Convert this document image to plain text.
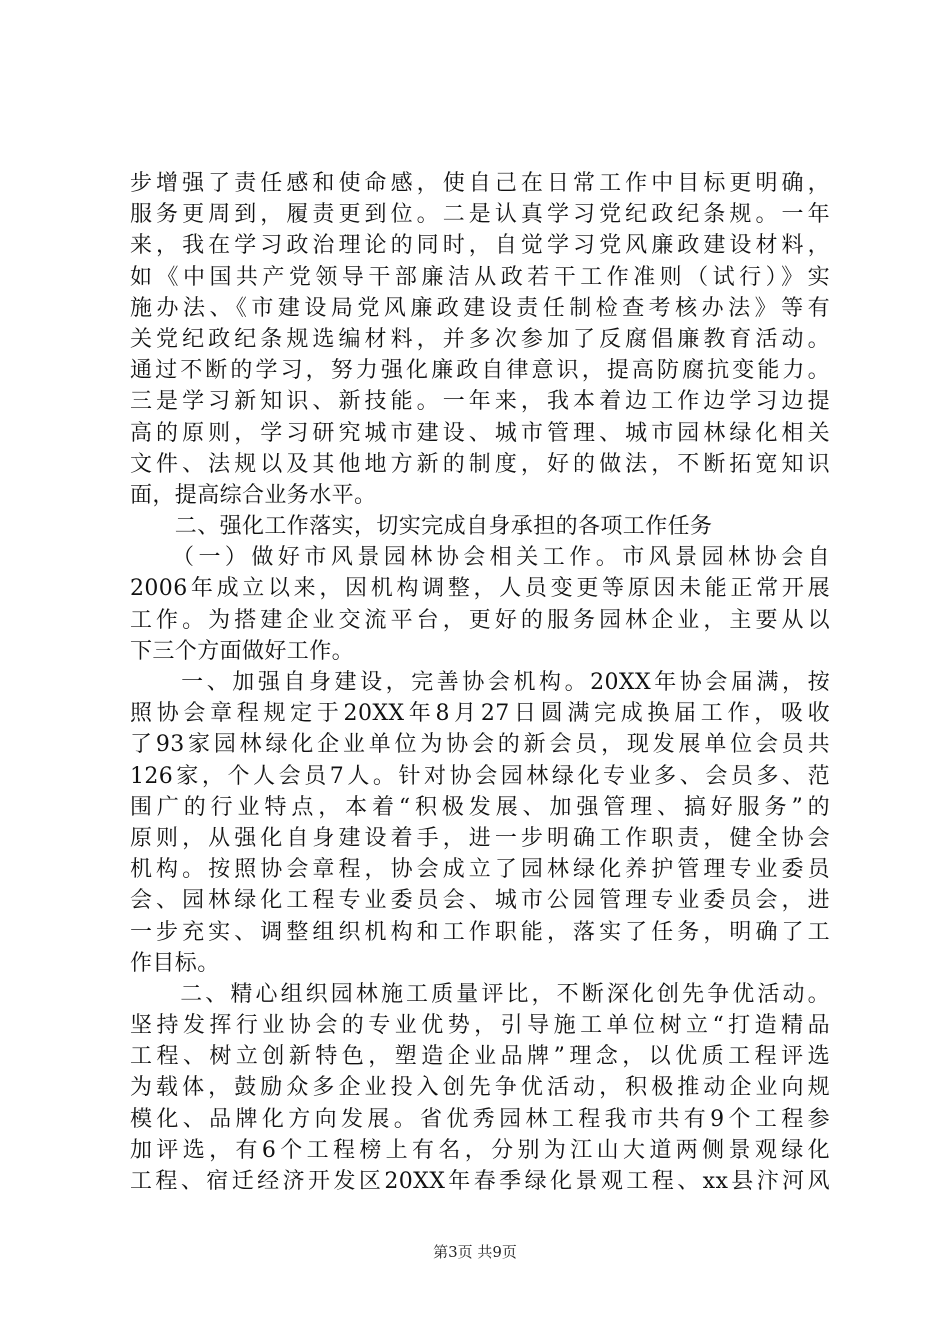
步增强了责任感和使命感，使自己在日常工作中目标更明确，
服务更周到，履责更到位。二是认真学习党纪政纪条规。一年
来，我在学习政治理论的同时，自觉学习党风廉政建设材料，
如《中国共产党领导干部廉洁从政若干工作准则（试行）》实
施办法、《市建设局党风廉政建设责任制检查考核办法》等有
关党纪政纪条规选编材料，并多次参加了反腐倡廉教育活动。
通过不断的学习，努力强化廉政自律意识，提高防腐抗变能力。
三是学习新知识、新技能。一年来，我本着边工作边学习边提
高的原则，学习研究城市建设、城市管理、城市园林绿化相关
文件、法规以及其他地方新的制度，好的做法，不断拓宽知识
面，提高综合业务水平。
　　二、强化工作落实，切实完成自身承担的各项工作任务
　　（一）做好市风景园林协会相关工作。市风景园林协会自
2006年成立以来，因机构调整，人员变更等原因未能正常开展
工作。为搭建企业交流平台，更好的服务园林企业，主要从以
下三个方面做好工作。
　　一、加强自身建设，完善协会机构。20XX年协会届满，按
照协会章程规定于20XX年8月27日圆满完成换届工作，吸收
了93家园林绿化企业单位为协会的新会员，现发展单位会员共
126家，个人会员7人。针对协会园林绿化专业多、会员多、范
围广的行业特点，本着“积极发展、加强管理、搞好服务”的
原则，从强化自身建设着手，进一步明确工作职责，健全协会
机构。按照协会章程，协会成立了园林绿化养护管理专业委员
会、园林绿化工程专业委员会、城市公园管理专业委员会，进
一步充实、调整组织机构和工作职能，落实了任务，明确了工
作目标。
　　二、精心组织园林施工质量评比，不断深化创先争优活动。
坚持发挥行业协会的专业优势，引导施工单位树立“打造精品
工程、树立创新特色，塑造企业品牌”理念，以优质工程评选
为载体，鼓励众多企业投入创先争优活动，积极推动企业向规
模化、品牌化方向发展。省优秀园林工程我市共有9个工程参
加评选，有6个工程榜上有名，分别为江山大道两侧景观绿化
工程、宿迁经济开发区20XX年春季绿化景观工程、xx县汴河风
第3页 共9页
